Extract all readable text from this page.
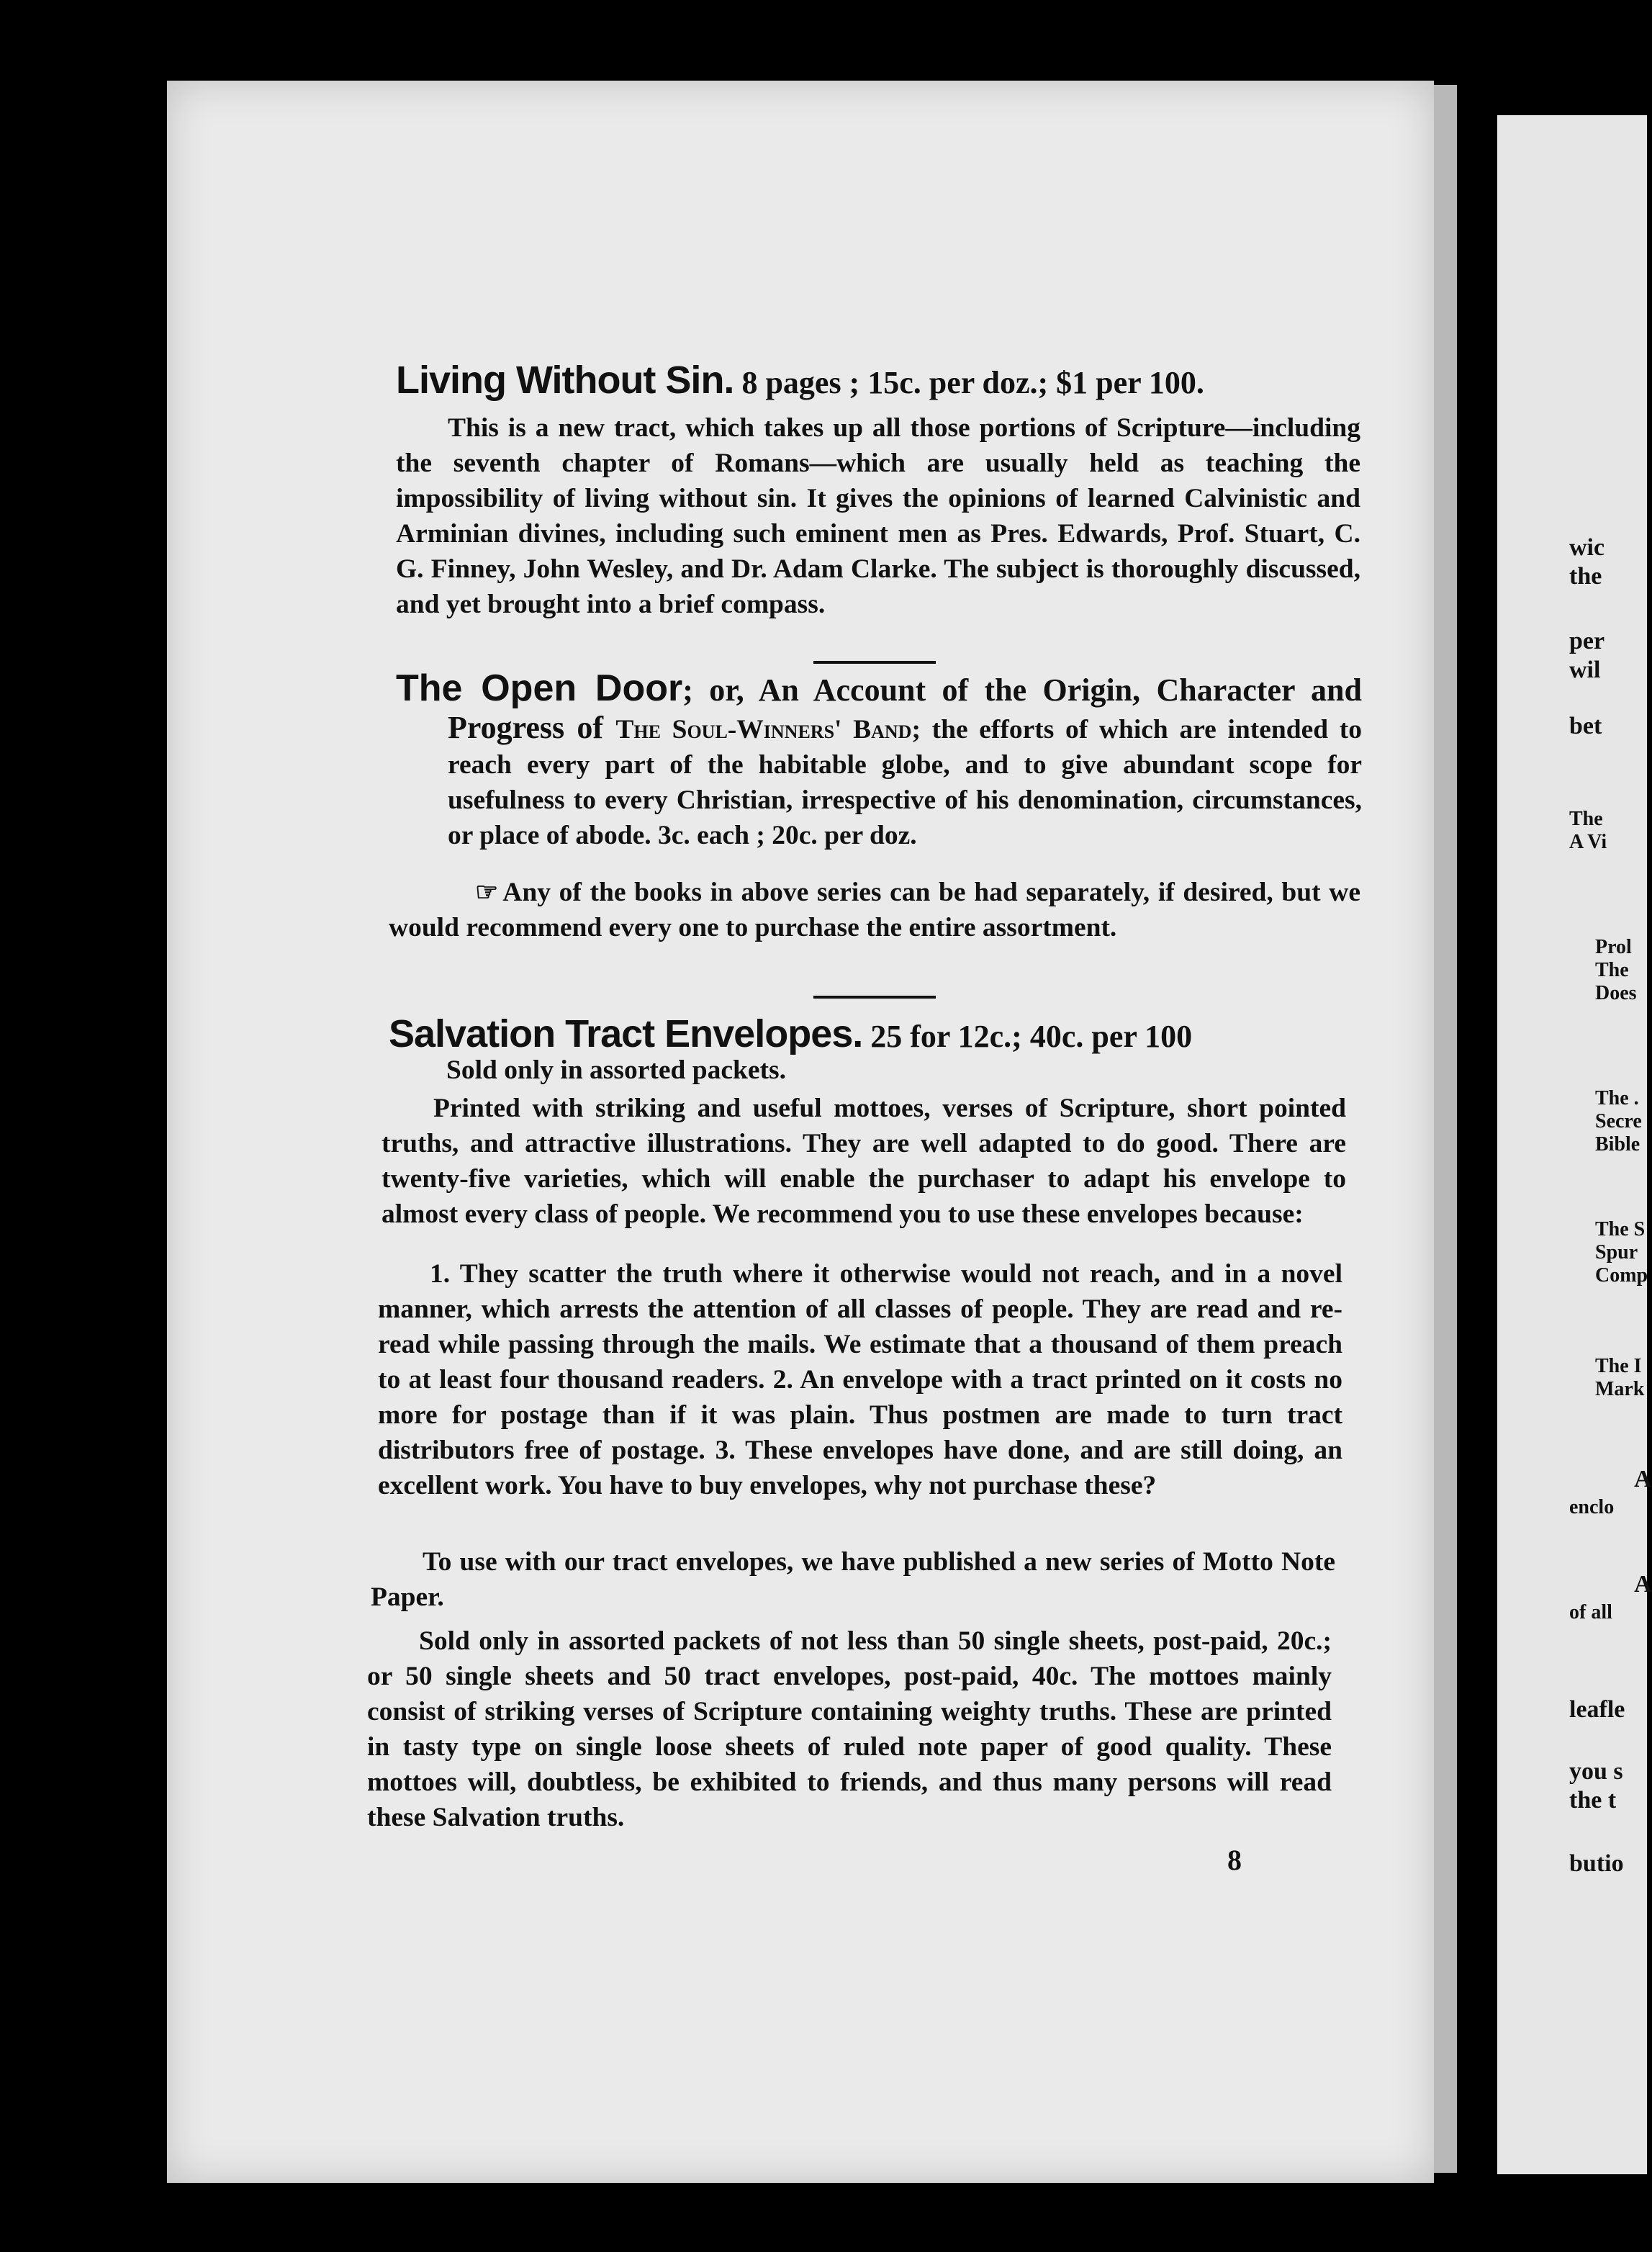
Living Without Sin. 8 pages ; 15c. per doz.; $1 per 100.

This is a new tract, which takes up all those portions of Scripture—including the seventh chapter of Romans—which are usually held as teaching the impossibility of living without sin. It gives the opinions of learned Calvinistic and Arminian divines, including such eminent men as Pres. Edwards, Prof. Stuart, C. G. Finney, John Wesley, and Dr. Adam Clarke. The subject is thoroughly discussed, and yet brought into a brief compass.

The Open Door; or, An Account of the Origin, Character and Progress of The Soul-Winners' Band; the efforts of which are intended to reach every part of the habitable globe, and to give abundant scope for usefulness to every Christian, irrespective of his denomination, circumstances, or place of abode. 3c. each ; 20c. per doz.

☞ Any of the books in above series can be had separately, if desired, but we would recommend every one to purchase the entire assortment.

Salvation Tract Envelopes. 25 for 12c.; 40c. per 100

Sold only in assorted packets.

Printed with striking and useful mottoes, verses of Scripture, short pointed truths, and attractive illustrations. They are well adapted to do good. There are twenty-five varieties, which will enable the purchaser to adapt his envelope to almost every class of people. We recommend you to use these envelopes because:

1. They scatter the truth where it otherwise would not reach, and in a novel manner, which arrests the attention of all classes of people. They are read and re-read while passing through the mails. We estimate that a thousand of them preach to at least four thousand readers. 2. An envelope with a tract printed on it costs no more for postage than if it was plain. Thus postmen are made to turn tract distributors free of postage. 3. These envelopes have done, and are still doing, an excellent work. You have to buy envelopes, why not purchase these?

To use with our tract envelopes, we have published a new series of Motto Note Paper.

Sold only in assorted packets of not less than 50 single sheets, post-paid, 20c.; or 50 single sheets and 50 tract envelopes, post-paid, 40c. The mottoes mainly consist of striking verses of Scripture containing weighty truths. These are printed in tasty type on single loose sheets of ruled note paper of good quality. These mottoes will, doubtless, be exhibited to friends, and thus many persons will read these Salvation truths.

8
wic
the
per
wil
bet
The
A Vi
Prol
The
Does
The .
Secre
Bible
The S
Spur
Comp
The I
Mark
A
enclo
A
of all
leafle
you s
the t
butio
